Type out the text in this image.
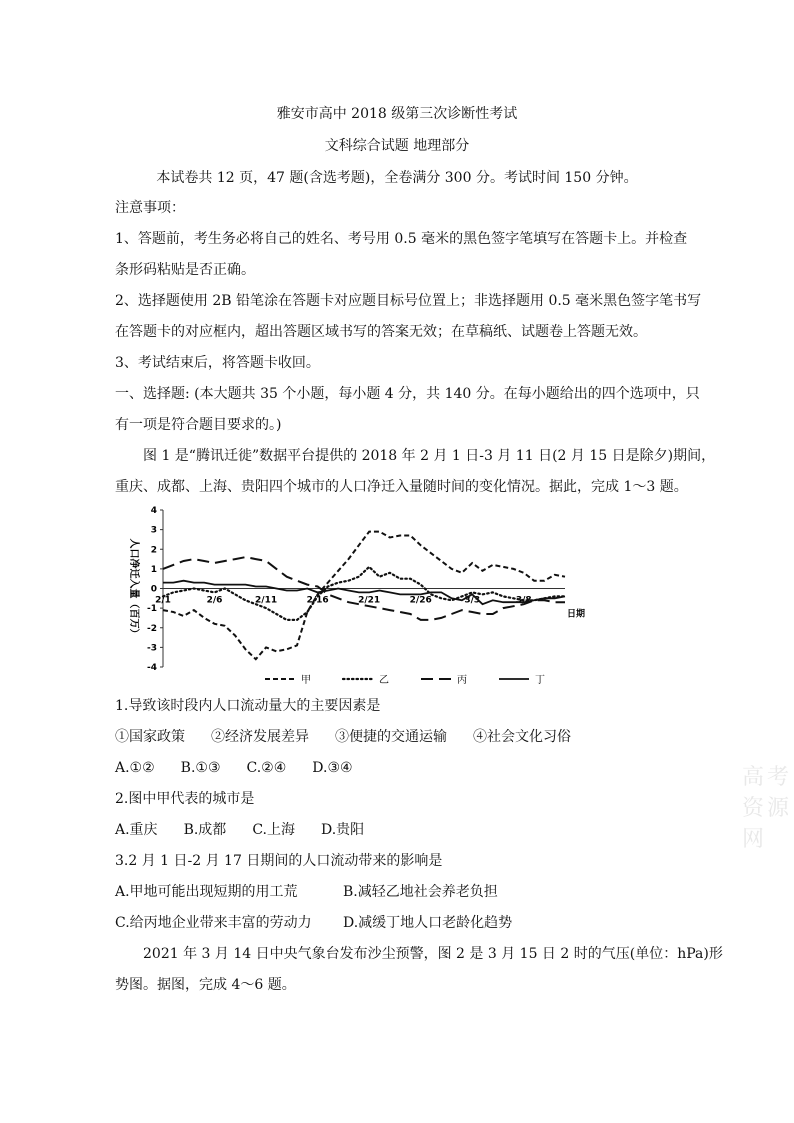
雅安市高中 2018 级第三次诊断性考试
文科综合试题 地理部分
本试卷共 12 页，47 题(含选考题)，全卷满分 300 分。考试时间 150 分钟。
注意事项：
1、答题前，考生务必将自己的姓名、考号用 0.5 毫米的黑色签字笔填写在答题卡上。并检查
条形码粘贴是否正确。
2、选择题使用 2B 铅笔涂在答题卡对应题目标号位置上；非选择题用 0.5 毫米黑色签字笔书写
在答题卡的对应框内，超出答题区域书写的答案无效；在草稿纸、试题卷上答题无效。
3、考试结束后，将答题卡收回。
一、选择题: (本大题共 35 个小题，每小题 4 分，共 140 分。在每小题给出的四个选项中，只
有一项是符合题目要求的。)
图 1 是“腾讯迁徙”数据平台提供的 2018 年 2 月 1 日-3 月 11 日(2 月 15 日是除夕)期间，
重庆、成都、上海、贵阳四个城市的人口净迁入量随时间的变化情况。据此，完成 1～3 题。
4
3
2
1
0
-1
-2
-3
-4
2/1	2/6	2/11	2/16	2/21	2/26	3/3	3/8
日期
人口净迁入量（百万）
甲	乙	丙	丁
1.导致该时段内人口流动量大的主要因素是
①国家政策 ②经济发展差异 ③便捷的交通运输 ④社会文化习俗
A.①② B.①③ C.②④ D.③④
2.图中甲代表的城市是
A.重庆 B.成都 C.上海 D.贵阳
3.2 月 1 日-2 月 17 日期间的人口流动带来的影响是
A.甲地可能出现短期的用工荒	B.减轻乙地社会养老负担
C.给丙地企业带来丰富的劳动力 D.减缓丁地人口老龄化趋势
2021 年 3 月 14 日中央气象台发布沙尘预警，图 2 是 3 月 15 日 2 时的气压(单位：hPa)形
势图。据图，完成 4～6 题。
高考资源网
